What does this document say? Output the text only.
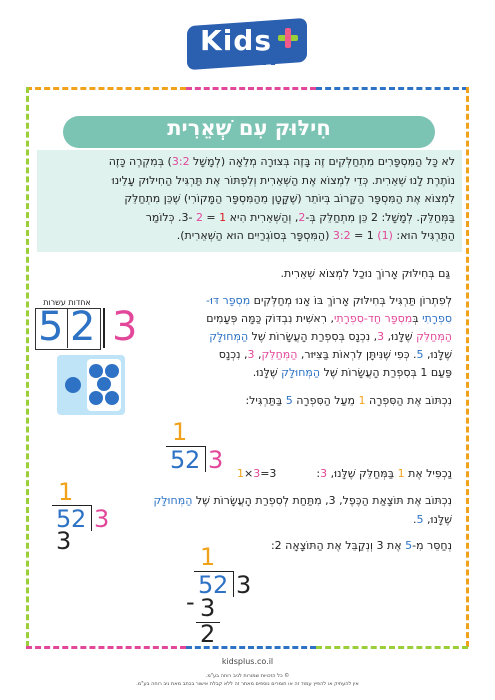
Kids
ניב רוחה
חִילּוּק עִם שְׁאֵרִית
לא כָּל הַמִּסְפָּרִים מִתְחַלְּקִים זֶה בָּזֶה בְּצוּרָה מְלֵאָה (לְמָשָׁל 3:2) בְּמִקְרֶה כָּזֶה
נוֹתֶרֶת לָנוּ שְׁאֵרִית. כְּדֵי לִמְצוֹא אֶת הַשְּׁאֵרִית וְלִפְתּוֹר אֶת תַּרְגִּיל הַחִילּוּק עָלֵינוּ
לִמְצוֹא אֶת הַמִּסְפָּר הַקָּרוֹב בְּיוֹתֵר (שֶׁקָּטָן מֵהַמִּסְפָּר הַמָּקוֹרִי) שֶׁכֵּן מִתְחַלֵּק
בַּמְּחַלֵּק. לְמָשָׁל: 2 כֵּן מִתְחַלֵּק בְּ-2, וְהַשְּׁאֵרִית הִיא 1 = 2 -3. כְּלוֹמַר
הַתַּרְגִּיל הוּא: (1) 1 = 3:2 (הַמִּסְפָּר בְּסוֹגְרַיִים הוּא הַשְּׁאֵרִית).
גַּם בְּחִילּוּק אָרוֹךְ נוּכַל לִמְצוֹא שְׁאֵרִית.
לְפִתְרוֹן תַּרְגִּיל בְּחִילּוּק אָרוֹךְ בּוֹ אָנוּ מְחַלְּקִים מִסְפָּר דּוּ-
סִפְרָתִי בְּמִסְפָּר חַד-סִפְרָתִי, רִאשִׁית נִבְדּוֹק כַּמָּה פְּעָמִים
הַמְּחַלֵּק שֶׁלָּנוּ, 3, נִכְנָס בְּסִפְרַת הָעֲשָׂרוֹת שֶׁל הַמְּחוּלָּק
שֶׁלָּנוּ, 5. כְּפִי שֶׁנִּיתָּן לִרְאוֹת בַּצִּיּוּר, הַמְּחַלֵּק, 3, נִכְנָס
פַּעַם 1 בְּסִפְרַת הָעֲשָׂרוֹת שֶׁל הַמְּחוּלָּק שֶׁלָּנוּ.
אחדות עשרות
5 2 3
נִכְתּוֹב אֶת הַסִּפְרָה 1 מֵעַל הַסִּפְרָה 5 בַּתַּרְגִּיל:
1
5 2 3	נַכְפִּיל אֶת 1 בַּמְּחַלֵּק שֶׁלָּנוּ, 3:
1×3=3
1
5 2 3
3
נִכְתּוֹב אֶת תּוֹצָאַת הַכֶּפֶל, 3, מִתַּחַת לְסִפְרַת הָעֲשָׂרוֹת שֶׁל הַמְּחוּלָּק
שֶׁלָּנוּ, 5.
נְחַסֵּר מִ-5 אֶת 3 וְנְקַבֵּל אֶת הַתּוֹצָאָה 2:
1
5 2 3
- 3
2
kidsplus.co.il
© כל הזכויות שמורות לניב רוחה בע"מ.
אין להעתיק או להפיץ עמוד זה או חומרים נוספים מאתר זה ללא קבלת אישור בכתב מאת ניב רוחה בע"מ.
